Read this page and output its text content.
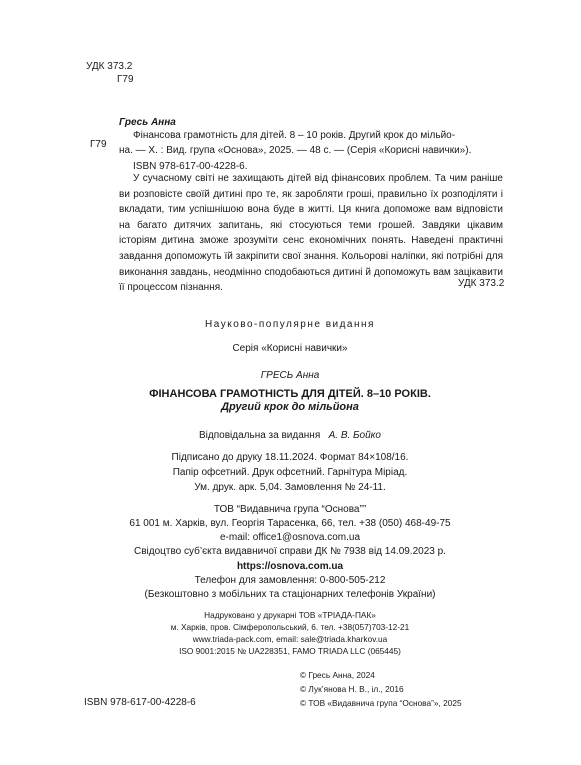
УДК 373.2
Г79
Гресь Анна
Г79
Фінансова грамотність для дітей. 8 – 10 років. Другий крок до мільйо-
на. — Х. : Вид. група «Основа», 2025. — 48 с. — (Серія «Корисні навички»).
ISBN 978-617-00-4228-6.
У сучасному світі не захищають дітей від фінансових проблем. Та чим раніше ви розповісте своїй дитині про те, як заробляти гроші, правильно їх розподіляти і вкладати, тим успішнішою вона буде в житті. Ця книга допоможе вам відповісти на багато дитячих запитань, які стосуються теми грошей. Завдяки цікавим історіям дитина зможе зрозуміти сенс економічних понять. Наведені практичні завдання допоможуть їй закріпити свої знання. Кольорові наліпки, які потрібні для виконання завдань, неодмінно сподобаються дитині й допоможуть вам зацікавити її процессом пізнання.	УДК 373.2
Науково-популярне видання
Серія «Корисні навички»
ГРЕСЬ Анна
ФІНАНСОВА ГРАМОТНІСТЬ ДЛЯ ДІТЕЙ. 8–10 РОКІВ.
Другий крок до мільйона
Відповідальна за видання А. В. Бойко
Підписано до друку 18.11.2024. Формат 84×108/16.
Папір офсетний. Друк офсетний. Гарнітура Мірiад.
Ум. друк. арк. 5,04. Замовлення № 24-11.
ТОВ “Видавнича група “Основа””
61 001 м. Харків, вул. Георгія Тарасенка, 66, тел. +38 (050) 468-49-75
e-mail: office1@osnova.com.ua
Свідоцтво суб’єкта видавничої справи ДК № 7938 від 14.09.2023 р.
https://osnova.com.ua
Телефон для замовлення: 0-800-505-212
(Безкоштовно з мобільних та стаціонарних телефонів України)
Надруковано у друкарні ТОВ «ТРІАДА-ПАК»
м. Харків, пров. Сімферопольський, 6. тел. +38(057)703-12-21
www.triada-pack.com, email: sale@triada.kharkov.ua
ISO 9001:2015 № UA228351, FAMO TRIADA LLC (065445)
© Гресь Анна, 2024
© Лук’янова Н. В., іл., 2016
© ТОВ «Видавнича група “Основа”», 2025
ISBN 978-617-00-4228-6
